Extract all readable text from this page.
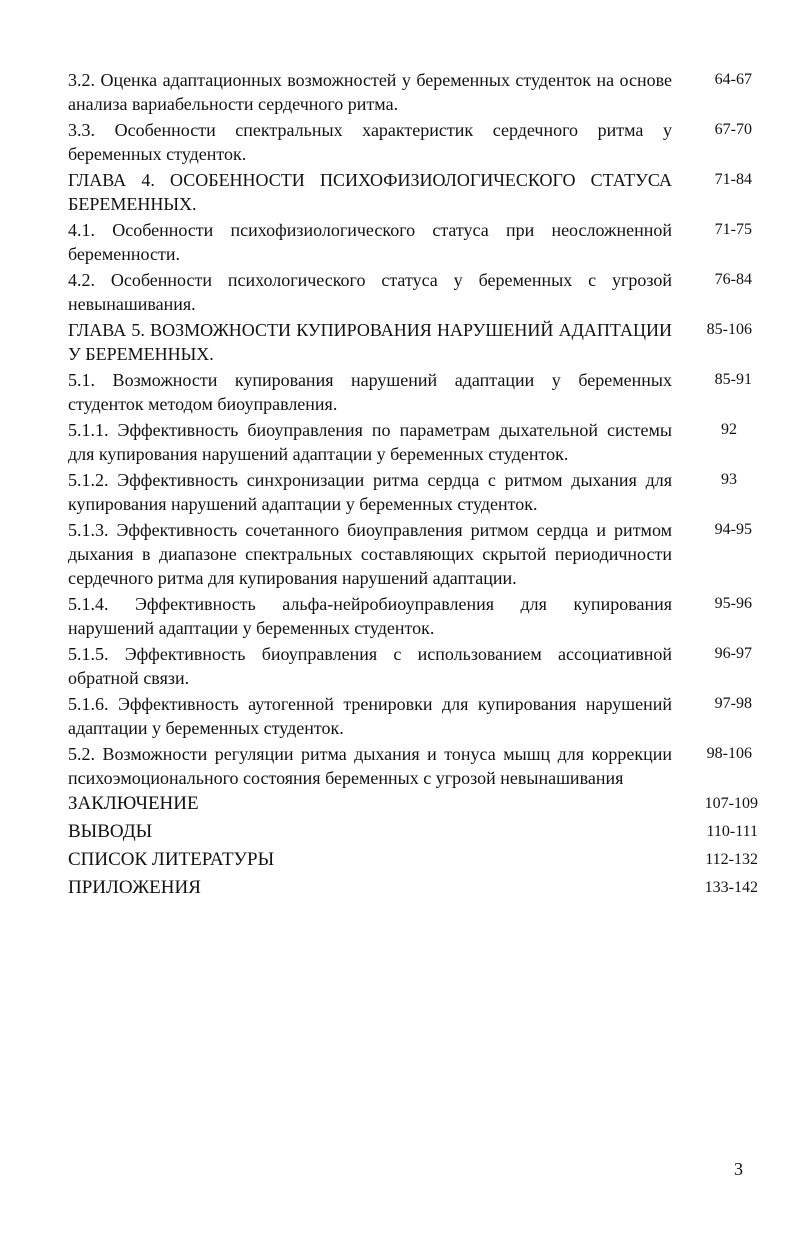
3.2. Оценка адаптационных возможностей у беременных студенток на основе анализа вариабельности сердечного ритма.
64-67
3.3. Особенности спектральных характеристик сердечного ритма у беременных студенток.
67-70
ГЛАВА 4. ОСОБЕННОСТИ ПСИХОФИЗИОЛОГИЧЕСКОГО СТАТУСА БЕРЕМЕННЫХ.
71-84
4.1. Особенности психофизиологического статуса при неосложненной беременности.
71-75
4.2. Особенности психологического статуса у беременных с угрозой невынашивания.
76-84
ГЛАВА 5. ВОЗМОЖНОСТИ КУПИРОВАНИЯ НАРУШЕНИЙ АДАПТАЦИИ У БЕРЕМЕННЫХ.
85-106
5.1. Возможности купирования нарушений адаптации у беременных студенток методом биоуправления.
85-91
5.1.1. Эффективность биоуправления по параметрам дыхательной системы для купирования нарушений адаптации у беременных студенток.
92
5.1.2. Эффективность синхронизации ритма сердца с ритмом дыхания для купирования нарушений адаптации у беременных студенток.
93
5.1.3. Эффективность сочетанного биоуправления ритмом сердца и ритмом дыхания в диапазоне спектральных составляющих скрытой периодичности сердечного ритма для купирования нарушений адаптации.
94-95
5.1.4. Эффективность альфа-нейробиоуправления для купирования нарушений адаптации у беременных студенток.
95-96
5.1.5. Эффективность биоуправления с использованием ассоциативной обратной связи.
96-97
5.1.6. Эффективность аутогенной тренировки для купирования нарушений адаптации у беременных студенток.
97-98
5.2. Возможности регуляции ритма дыхания и тонуса мышц для коррекции психоэмоционального состояния беременных с угрозой невынашивания
98-106
ЗАКЛЮЧЕНИЕ	107-109
ВЫВОДЫ	110-111
СПИСОК ЛИТЕРАТУРЫ	112-132
ПРИЛОЖЕНИЯ	133-142
3
